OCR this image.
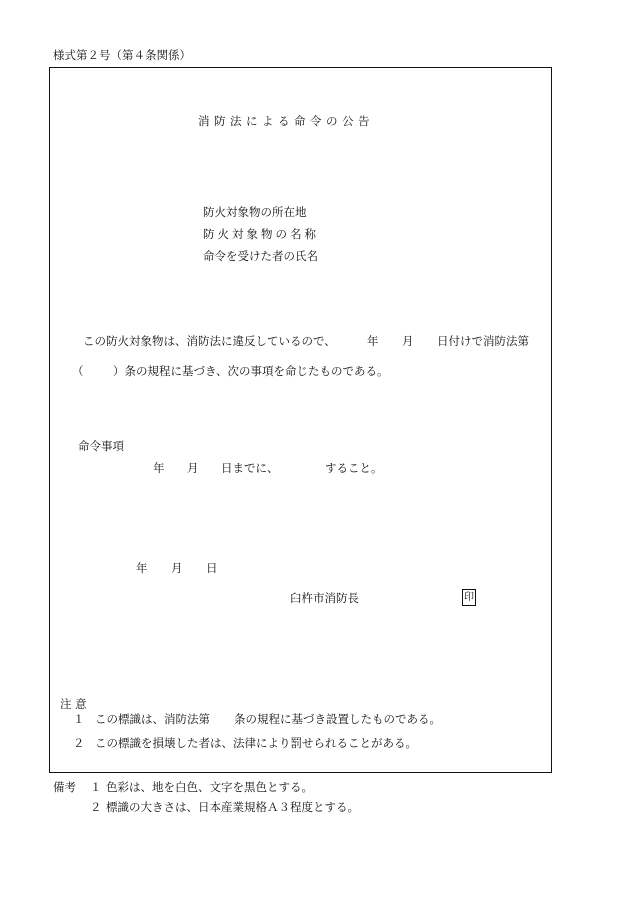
様式第２号（第４条関係）
消防法による命令の公告
防火対象物の所在地
防火対象物の名称
命令を受けた者の氏名
この防火対象物は、消防法に違反しているので、	年 月 日付けで消防法第
（	）条の規程に基づき、次の事項を命じたものである。
命令事項
年 月 日までに、	すること。
年 月 日
臼杵市消防長	印
注 意
１ この標識は、消防法第 条の規程に基づき設置したものである。
２ この標識を損壊した者は、法律により罰せられることがある。
備考 １ 色彩は、地を白色、文字を黒色とする。
２ 標識の大きさは、日本産業規格Ａ３程度とする。
